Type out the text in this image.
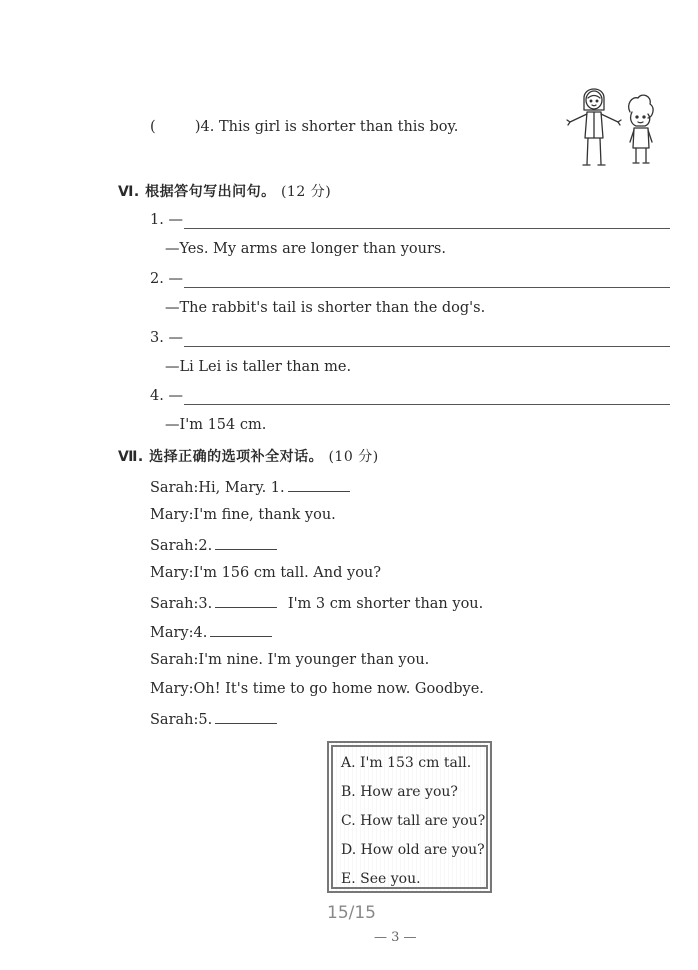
(	)4. This girl is shorter than this boy.
Ⅵ. 根据答句写出问句。 (12 分)
1. —
—Yes. My arms are longer than yours.
2. —
—The rabbit's tail is shorter than the dog's.
3. —
—Li Lei is taller than me.
4. —
—I'm 154 cm.
Ⅶ. 选择正确的选项补全对话。 (10 分)
Sarah:Hi, Mary. 1.
Mary:I'm fine, thank you.
Sarah:2.
Mary:I'm 156 cm tall. And you?
Sarah:3.	I'm 3 cm shorter than you.
Mary:4.
Sarah:I'm nine. I'm younger than you.
Mary:Oh! It's time to go home now. Goodbye.
Sarah:5.
A. I'm 153 cm tall.
B. How are you?
C. How tall are you?
D. How old are you?
E. See you.
15/15
— 3 —
